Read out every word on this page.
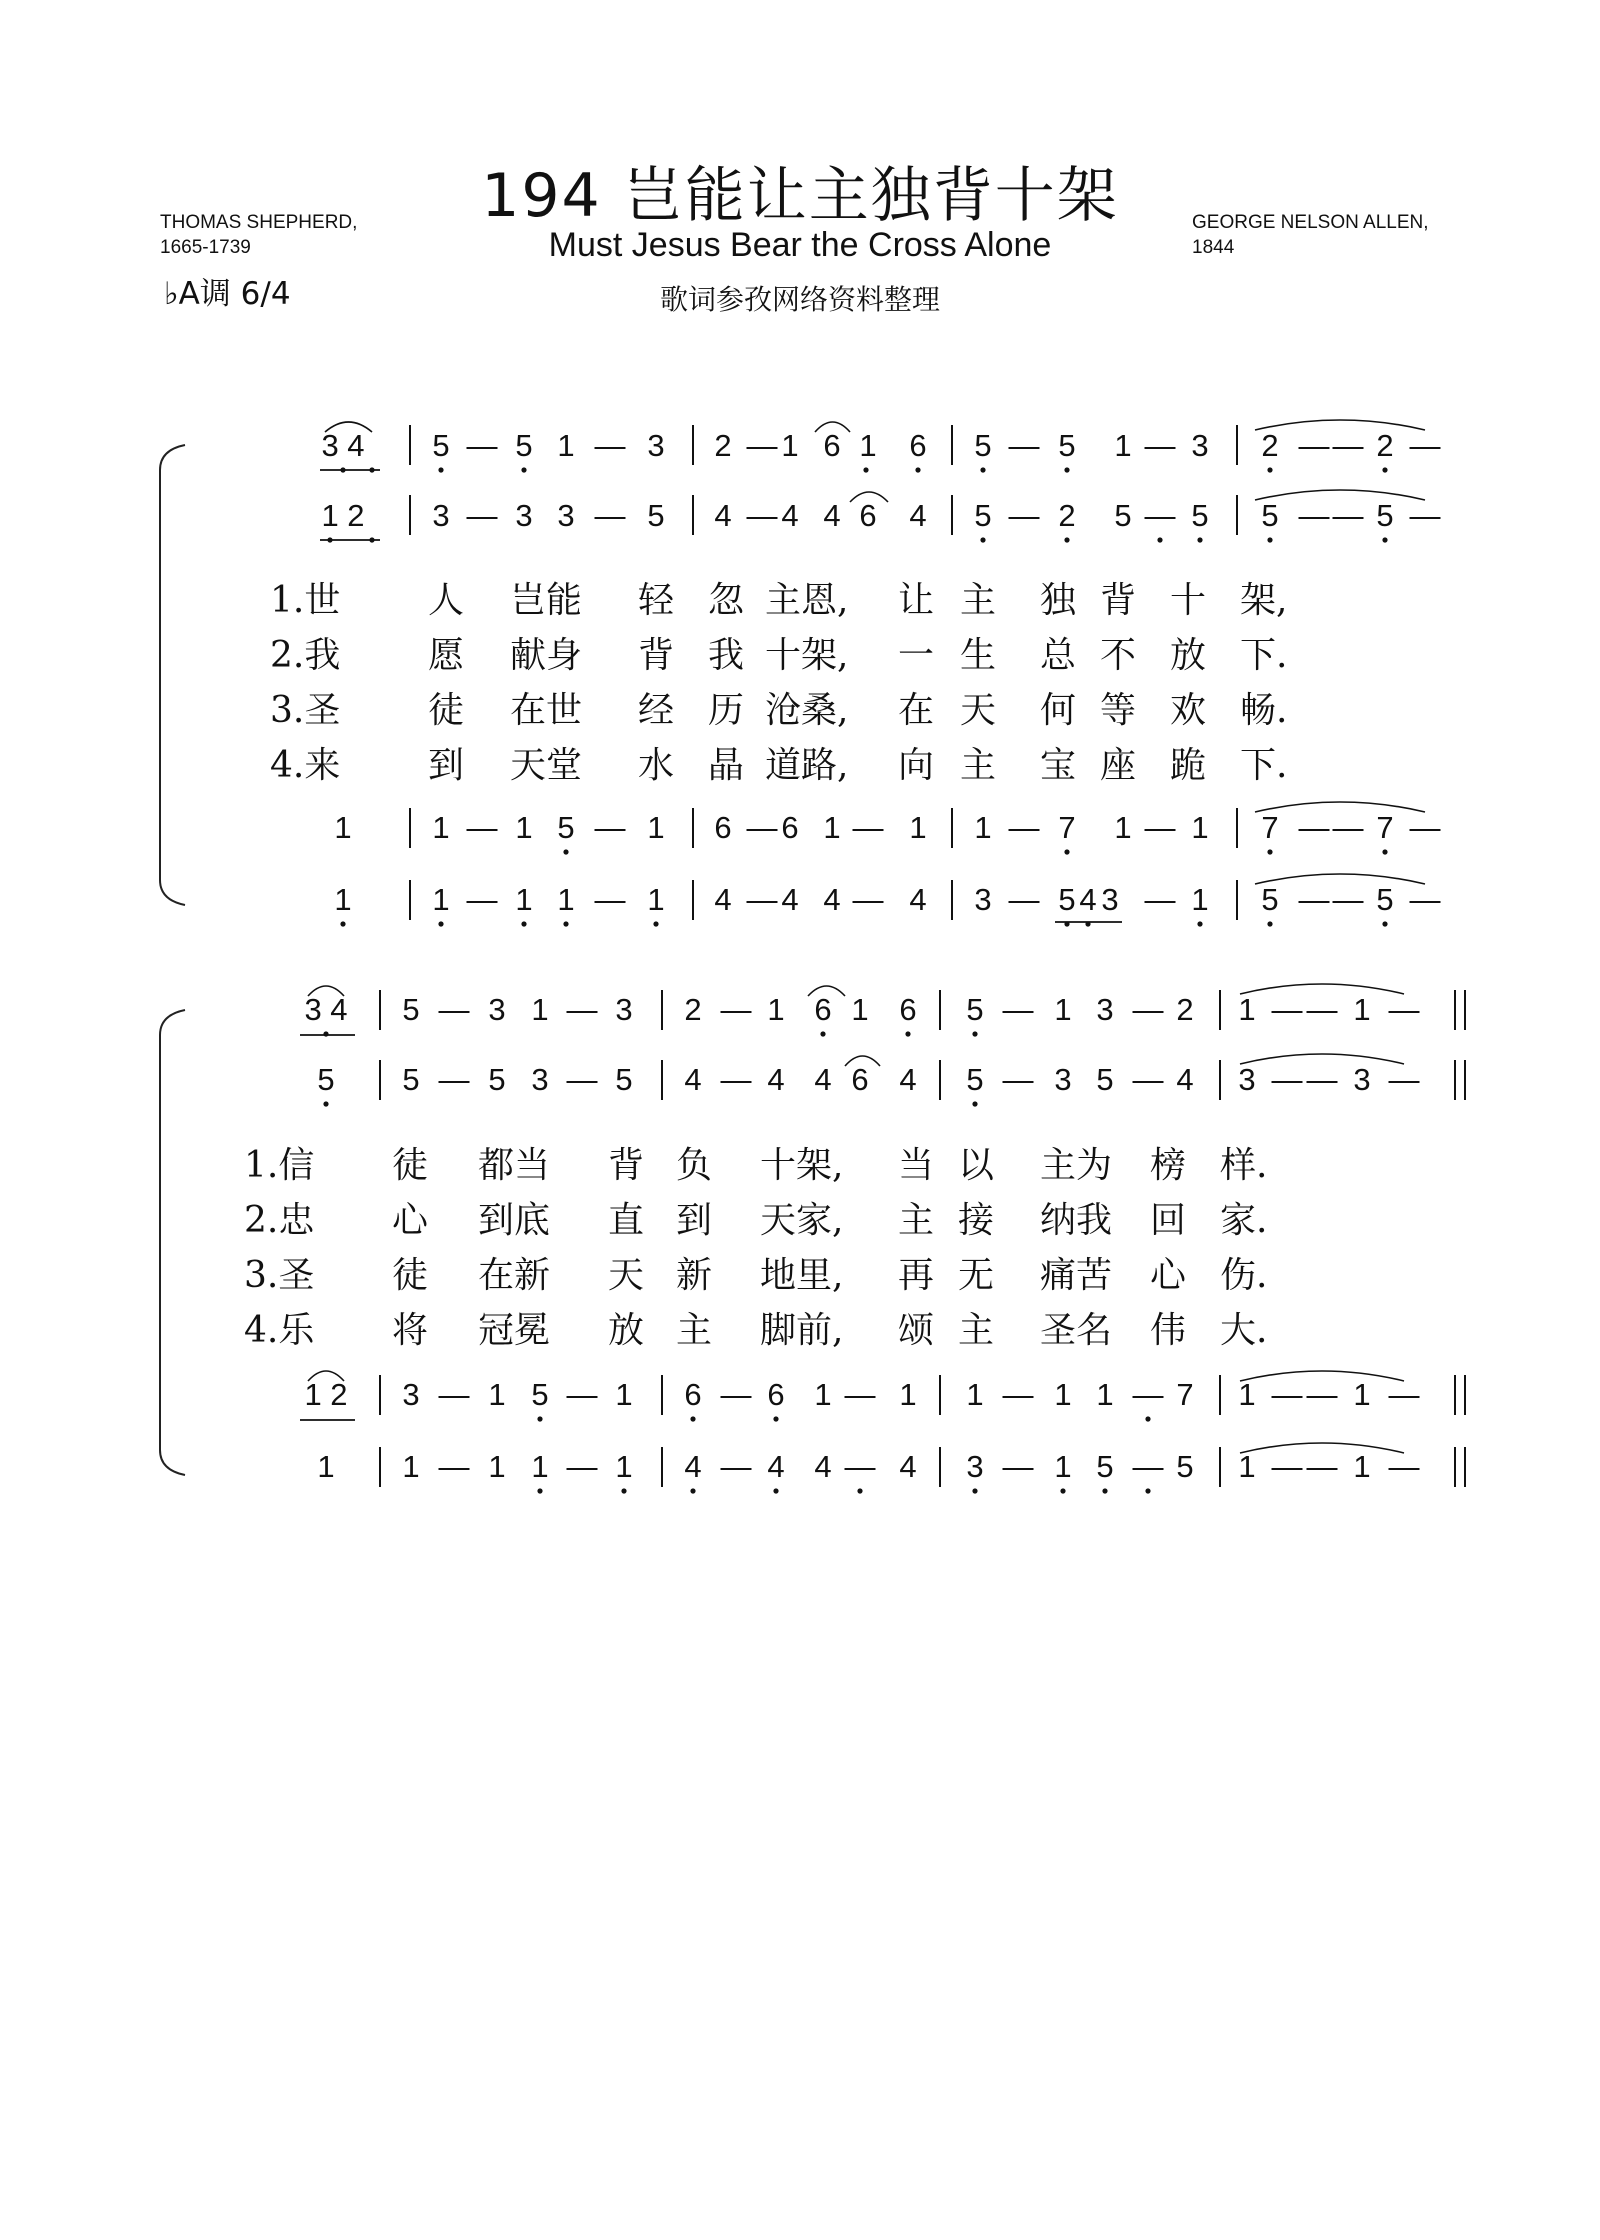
194 岂能让主独背十架
Must Jesus Bear the Cross Alone
歌词参孜网络资料整理
THOMAS SHEPHERD,
1665-1739
GEORGE NELSON ALLEN,
1844
♭A调 6/4
3 4 5 — 5 1 — 3 2 — 1 6 1 6 5 — 5 1 — 3 2 — — 2 —
1 2 3 — 3 3 — 5 4 — 4 4 6 4 5 — 2 5 — 5 5 — — 5 —
1	1 — 1 5 — 1 6 — 6 1 — 1 1 — 7 1 — 1 7 — — 7 —
1	1 — 1 1 — 1 4 — 4 4 — 4 3 — 5 4 3 — 1 5 — — 5 —
3 4 5 — 3 1 — 3 2 — 1 6 1 6 5 — 1 3 — 2 1 — — 1 —
5 5 — 5 3 — 5 4 — 4 4 6 4 5 — 3 5 — 4 3 — — 3 —
1 2 3 — 1 5 — 1 6 — 6 1 — 1 1 — 1 1 — 7 1 — — 1 —
1 1 — 1 1 — 1 4 — 4 4 — 4 3 — 1 5 — 5 1 — — 1 —
1.世 人 岂能 轻 忽 主恩, 让 主 独 背 十 架,
2.我 愿 献身 背 我 十架, 一 生 总 不 放 下.
3.圣 徒 在世 经 历 沧桑, 在 天 何 等 欢 畅.
4.来 到 天堂 水 晶 道路, 向 主 宝 座 跪 下.
1.信 徒 都当 背 负 十架, 当 以 主为 榜 样.
2.忠 心 到底 直 到 天家, 主 接 纳我 回 家.
3.圣 徒 在新 天 新 地里, 再 无 痛苦 心 伤.
4.乐 将 冠冕 放 主 脚前, 颂 主 圣名 伟 大.
